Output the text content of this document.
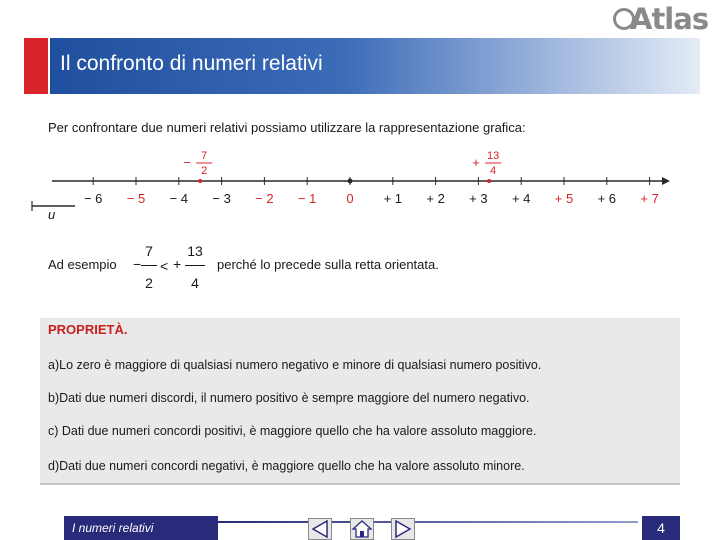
Atlas
Il confronto di numeri relativi
Per confrontare due numeri relativi possiamo utilizzare la rappresentazione grafica:
u
− 6 − 5 − 4 − 3 − 2 − 1 0 + 1 + 2 + 3 + 4 + 5 + 6 + 7
− 7
2
+ 13
4
Ad esempio −
7
2
< +
13
4
perché lo precede sulla retta orientata.
PROPRIETÀ.
a)Lo zero è maggiore di qualsiasi numero negativo e minore di qualsiasi numero positivo.
b)Dati due numeri discordi, il numero positivo è sempre maggiore del numero negativo.
c) Dati due numeri concordi positivi, è maggiore quello che ha valore assoluto maggiore.
d)Dati due numeri concordi negativi, è maggiore quello che ha valore assoluto minore.
I numeri relativi	4
